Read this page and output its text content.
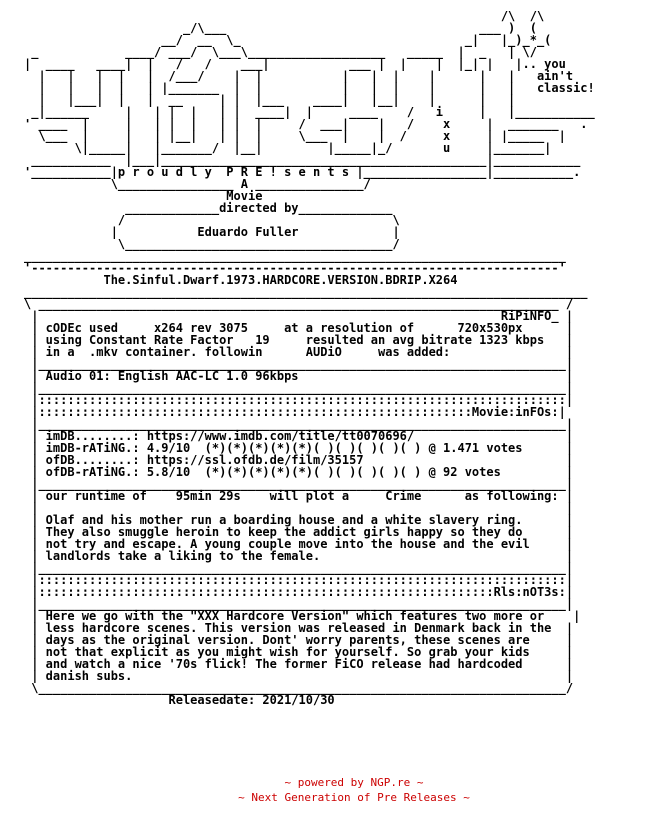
/\  /\
_/\___                                   ___ )  (
__/  __  \_                               _|   |_)_*_(
_            ____/ ___/  \___\___________________   _____  |  _   | \/
|  ____   ____|  |   /   /    ___|           ___ |  |    |  |_| |   |.. you
|   |   |  |   |  /___/    |  |           |   |  |    |      |   |   ain't
|   |   |  |   | |_______  |  |           |   |  |    |      |   |   classic!
|   |___|  |   |  __     | |  |___    ____|   |__|    |      |   |
_|______     |   | |  |   | |  ____|  |     ____    /   i     |   |___________
' ____  |     |   | |  |   | |  |     /  ___|    |   /    x     |  _______   .
\___  |     |   | |__|   | |  |     \___  |    |  /     x     | |_____  |
\|_____|   |_______/  |__|         |_____|_/       u     |_______|
___________  |___|_____________________________________________|____________
'___________|p r o u d l y  P R E ! s e n t s |_________________|___________.
\________________ A _______________/
Movie
_____________directed by_____________
/                                     \
|           Eduardo Fuller             |
\_____________________________________/
___________________________________________________________________________
'-------------------------------------------------------------------------'
The.Sinful.Dwarf.1973.HARDCORE.VERSION.BDRIP.X264
______________________________________________________________________________
\ ________________________________________________________________________ /
|                                                                RiPiNFO_ |
| cODEc used     x264 rev 3075     at a resolution of      720x530px      |
| using Constant Rate Factor   19     resulted an avg bitrate 1323 kbps   |
| in a  .mkv container. followin      AUDiO     was added:                |
|_________________________________________________________________________|
| Audio 01: English AAC-LC 1.0 96kbps                                     |
|_________________________________________________________________________|
|:::::::::::::::::::::::::::::::::::::::::::::::::::::::::::::::::::::::::|
|::::::::::::::::::::::::::::::::::::::::::::::::::::::::::::Movie:inFOs:|
|_________________________________________________________________________|
| imDB........: https://www.imdb.com/title/tt0070696/                     |
| imDB-rATiNG.: 4.9/10  (*)(*)(*)(*)(*)( )( )( )( )( ) @ 1.471 votes      |
| ofDB........: https://ssl.ofdb.de/film/35157                            |
| ofDB-rATiNG.: 5.8/10  (*)(*)(*)(*)(*)( )( )( )( )( ) @ 92 votes         |
|_________________________________________________________________________|
| our runtime of    95min 29s    will plot a     Crime      as following: |
|                                                                         |
| Olaf and his mother run a boarding house and a white slavery ring.      |
| They also smuggle heroin to keep the addict girls happy so they do      |
| not try and escape. A young couple move into the house and the evil     |
| landlords take a liking to the female.                                  |
|_________________________________________________________________________|
|:::::::::::::::::::::::::::::::::::::::::::::::::::::::::::::::::::::::::|
|:::::::::::::::::::::::::::::::::::::::::::::::::::::::::::::::Rls:nOT3s:|
|_________________________________________________________________________|
| Here we go with the "XXX Hardcore Version" which features two more or    |
| less hardcore scenes. This version was released in Denmark back in the  |
| days as the original version. Dont' worry parents, these scenes are     |
| not that explicit as you might wish for yourself. So grab your kids     |
| and watch a nice '70s flick! The former FiCO release had hardcoded      |
| danish subs.                                                            |
\_________________________________________________________________________/
Releasedate: 2021/10/30
~ powered by NGP.re ~
~ Next Generation of Pre Releases ~
